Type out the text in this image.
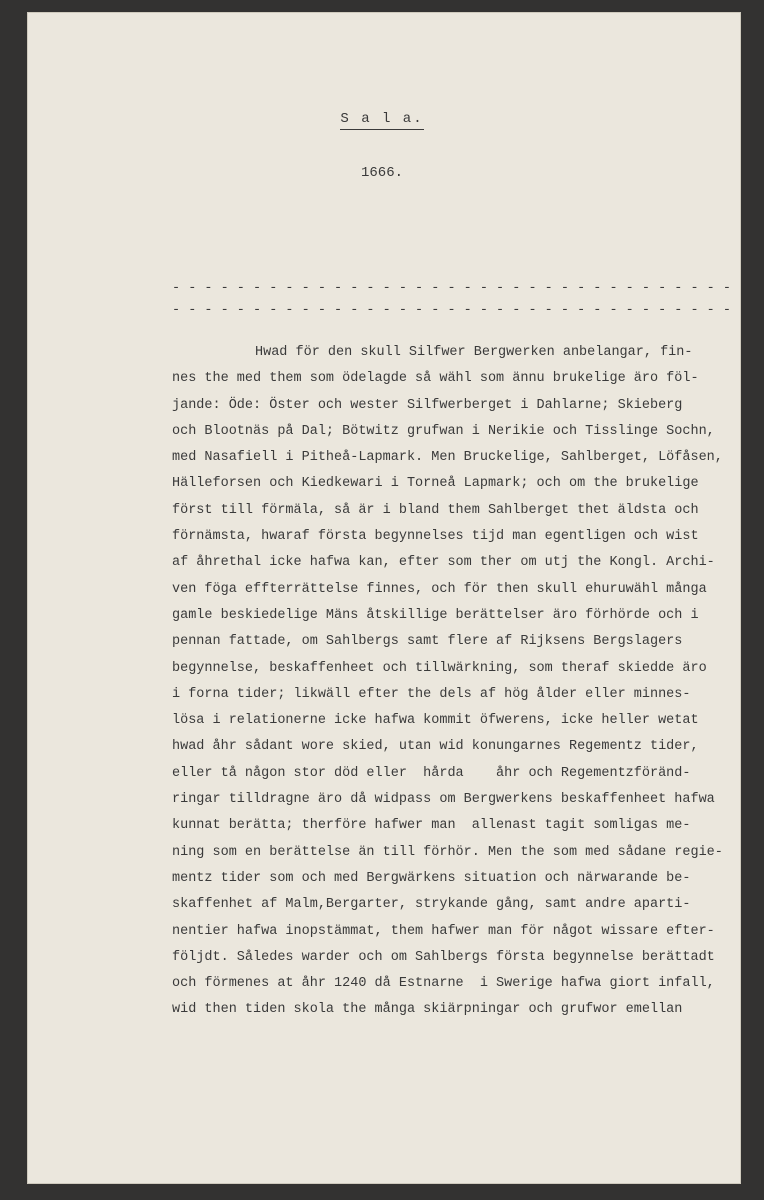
S a l a.
1666.
- - - - - - - - - - - - - - - - - - - - - - - - - - - - - - - - - - -
- - - - - - - - - - - - - - - - - - - - - - - - - - - - - - - - - - -
Hwad för den skull Silfwer Bergwerken anbelangar, fin-
nes the med them som ödelagde så wähl som ännu brukelige äro föl-
jande: Öde: Öster och wester Silfwerberget i Dahlarne; Skieberg
och Blootnäs på Dal; Bötwitz grufwan i Nerikie och Tisslinge Sochn,
med Nasafiell i Pitheå-Lapmark. Men Bruckelige, Sahlberget, Löfåsen,
Hälleforsen och Kiedkewari i Torneå Lapmark; och om the brukelige
först till förmäla, så är i bland them Sahlberget thet äldsta och
förnämsta, hwaraf första begynnelses tijd man egentligen och wist
af åhrethal icke hafwa kan, efter som ther om utj the Kongl. Archi-
ven föga effterrättelse finnes, och för then skull ehuruwähl många
gamle beskiedelige Mäns åtskillige berättelser äro förhörde och i
pennan fattade, om Sahlbergs samt flere af Rijksens Bergslagers
begynnelse, beskaffenheet och tillwärkning, som theraf skiedde äro
i forna tider; likwäll efter the dels af hög ålder eller minnes-
lösa i relationerne icke hafwa kommit öfwerens, icke heller wetat
hwad åhr sådant wore skied, utan wid konungarnes Regementz tider,
eller tå någon stor död eller  hårda    åhr och Regementzföränd-
ringar tilldragne äro då widpass om Bergwerkens beskaffenheet hafwa
kunnat berätta; therföre hafwer man  allenast tagit somligas me-
ning som en berättelse än till förhör. Men the som med sådane regie-
mentz tider som och med Bergwärkens situation och närwarande be-
skaffenhet af Malm,Bergarter, strykande gång, samt andre aparti-
nentier hafwa inopstämmat, them hafwer man för något wissare efter-
följdt. Således warder och om Sahlbergs första begynnelse berättadt
och förmenes at åhr 1240 då Estnarne  i Swerige hafwa giort infall,
wid then tiden skola the många skiärpningar och grufwor emellan
